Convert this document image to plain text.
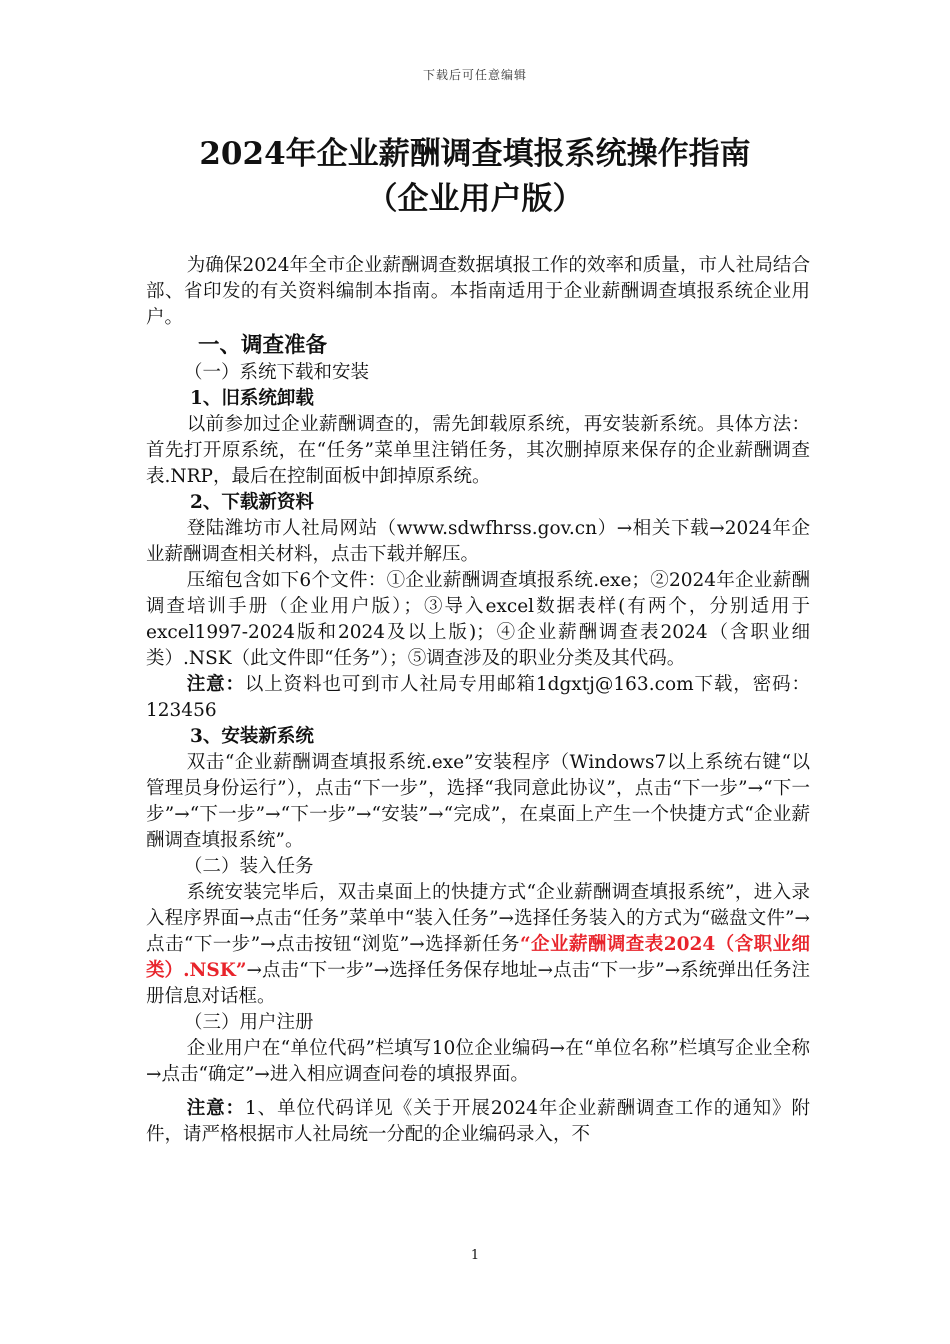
下载后可任意编辑
2024年企业薪酬调查填报系统操作指南
（企业用户版）

为确保2024年全市企业薪酬调查数据填报工作的效率和质量，市人社局结合部、省印发的有关资料编制本指南。本指南适用于企业薪酬调查填报系统企业用户。

一、调查准备

（一）系统下载和安装

1、旧系统卸载

以前参加过企业薪酬调查的，需先卸载原系统，再安装新系统。具体方法：首先打开原系统，在“任务”菜单里注销任务，其次删掉原来保存的企业薪酬调查表.NRP，最后在控制面板中卸掉原系统。

2、下载新资料

登陆潍坊市人社局网站（www.sdwfhrss.gov.cn）→相关下载→2024年企业薪酬调查相关材料，点击下载并解压。

压缩包含如下6个文件：①企业薪酬调查填报系统.exe；②2024年企业薪酬调查培训手册（企业用户版）；③导入excel数据表样(有两个，分别适用于excel1997-2024版和2024及以上版)；④企业薪酬调查表2024（含职业细类）.NSK（此文件即“任务”）；⑤调查涉及的职业分类及其代码。

注意：以上资料也可到市人社局专用邮箱1dgxtj@163.com下载，密码：123456

3、安装新系统

双击“企业薪酬调查填报系统.exe”安装程序（Windows7以上系统右键“以管理员身份运行”），点击“下一步”，选择“我同意此协议”，点击“下一步”→“下一步”→“下一步”→“下一步”→“安装”→“完成”，在桌面上产生一个快捷方式“企业薪酬调查填报系统”。

（二）装入任务

系统安装完毕后，双击桌面上的快捷方式“企业薪酬调查填报系统”，进入录入程序界面→点击“任务”菜单中“装入任务”→选择任务装入的方式为“磁盘文件”→点击“下一步”→点击按钮“浏览”→选择新任务“企业薪酬调查表2024（含职业细类）.NSK”→点击“下一步”→选择任务保存地址→点击“下一步”→系统弹出任务注册信息对话框。

（三）用户注册

企业用户在“单位代码”栏填写10位企业编码→在“单位名称”栏填写企业全称→点击“确定”→进入相应调查问卷的填报界面。

注意：1、单位代码详见《关于开展2024年企业薪酬调查工作的通知》附件，请严格根据市人社局统一分配的企业编码录入，不

1
